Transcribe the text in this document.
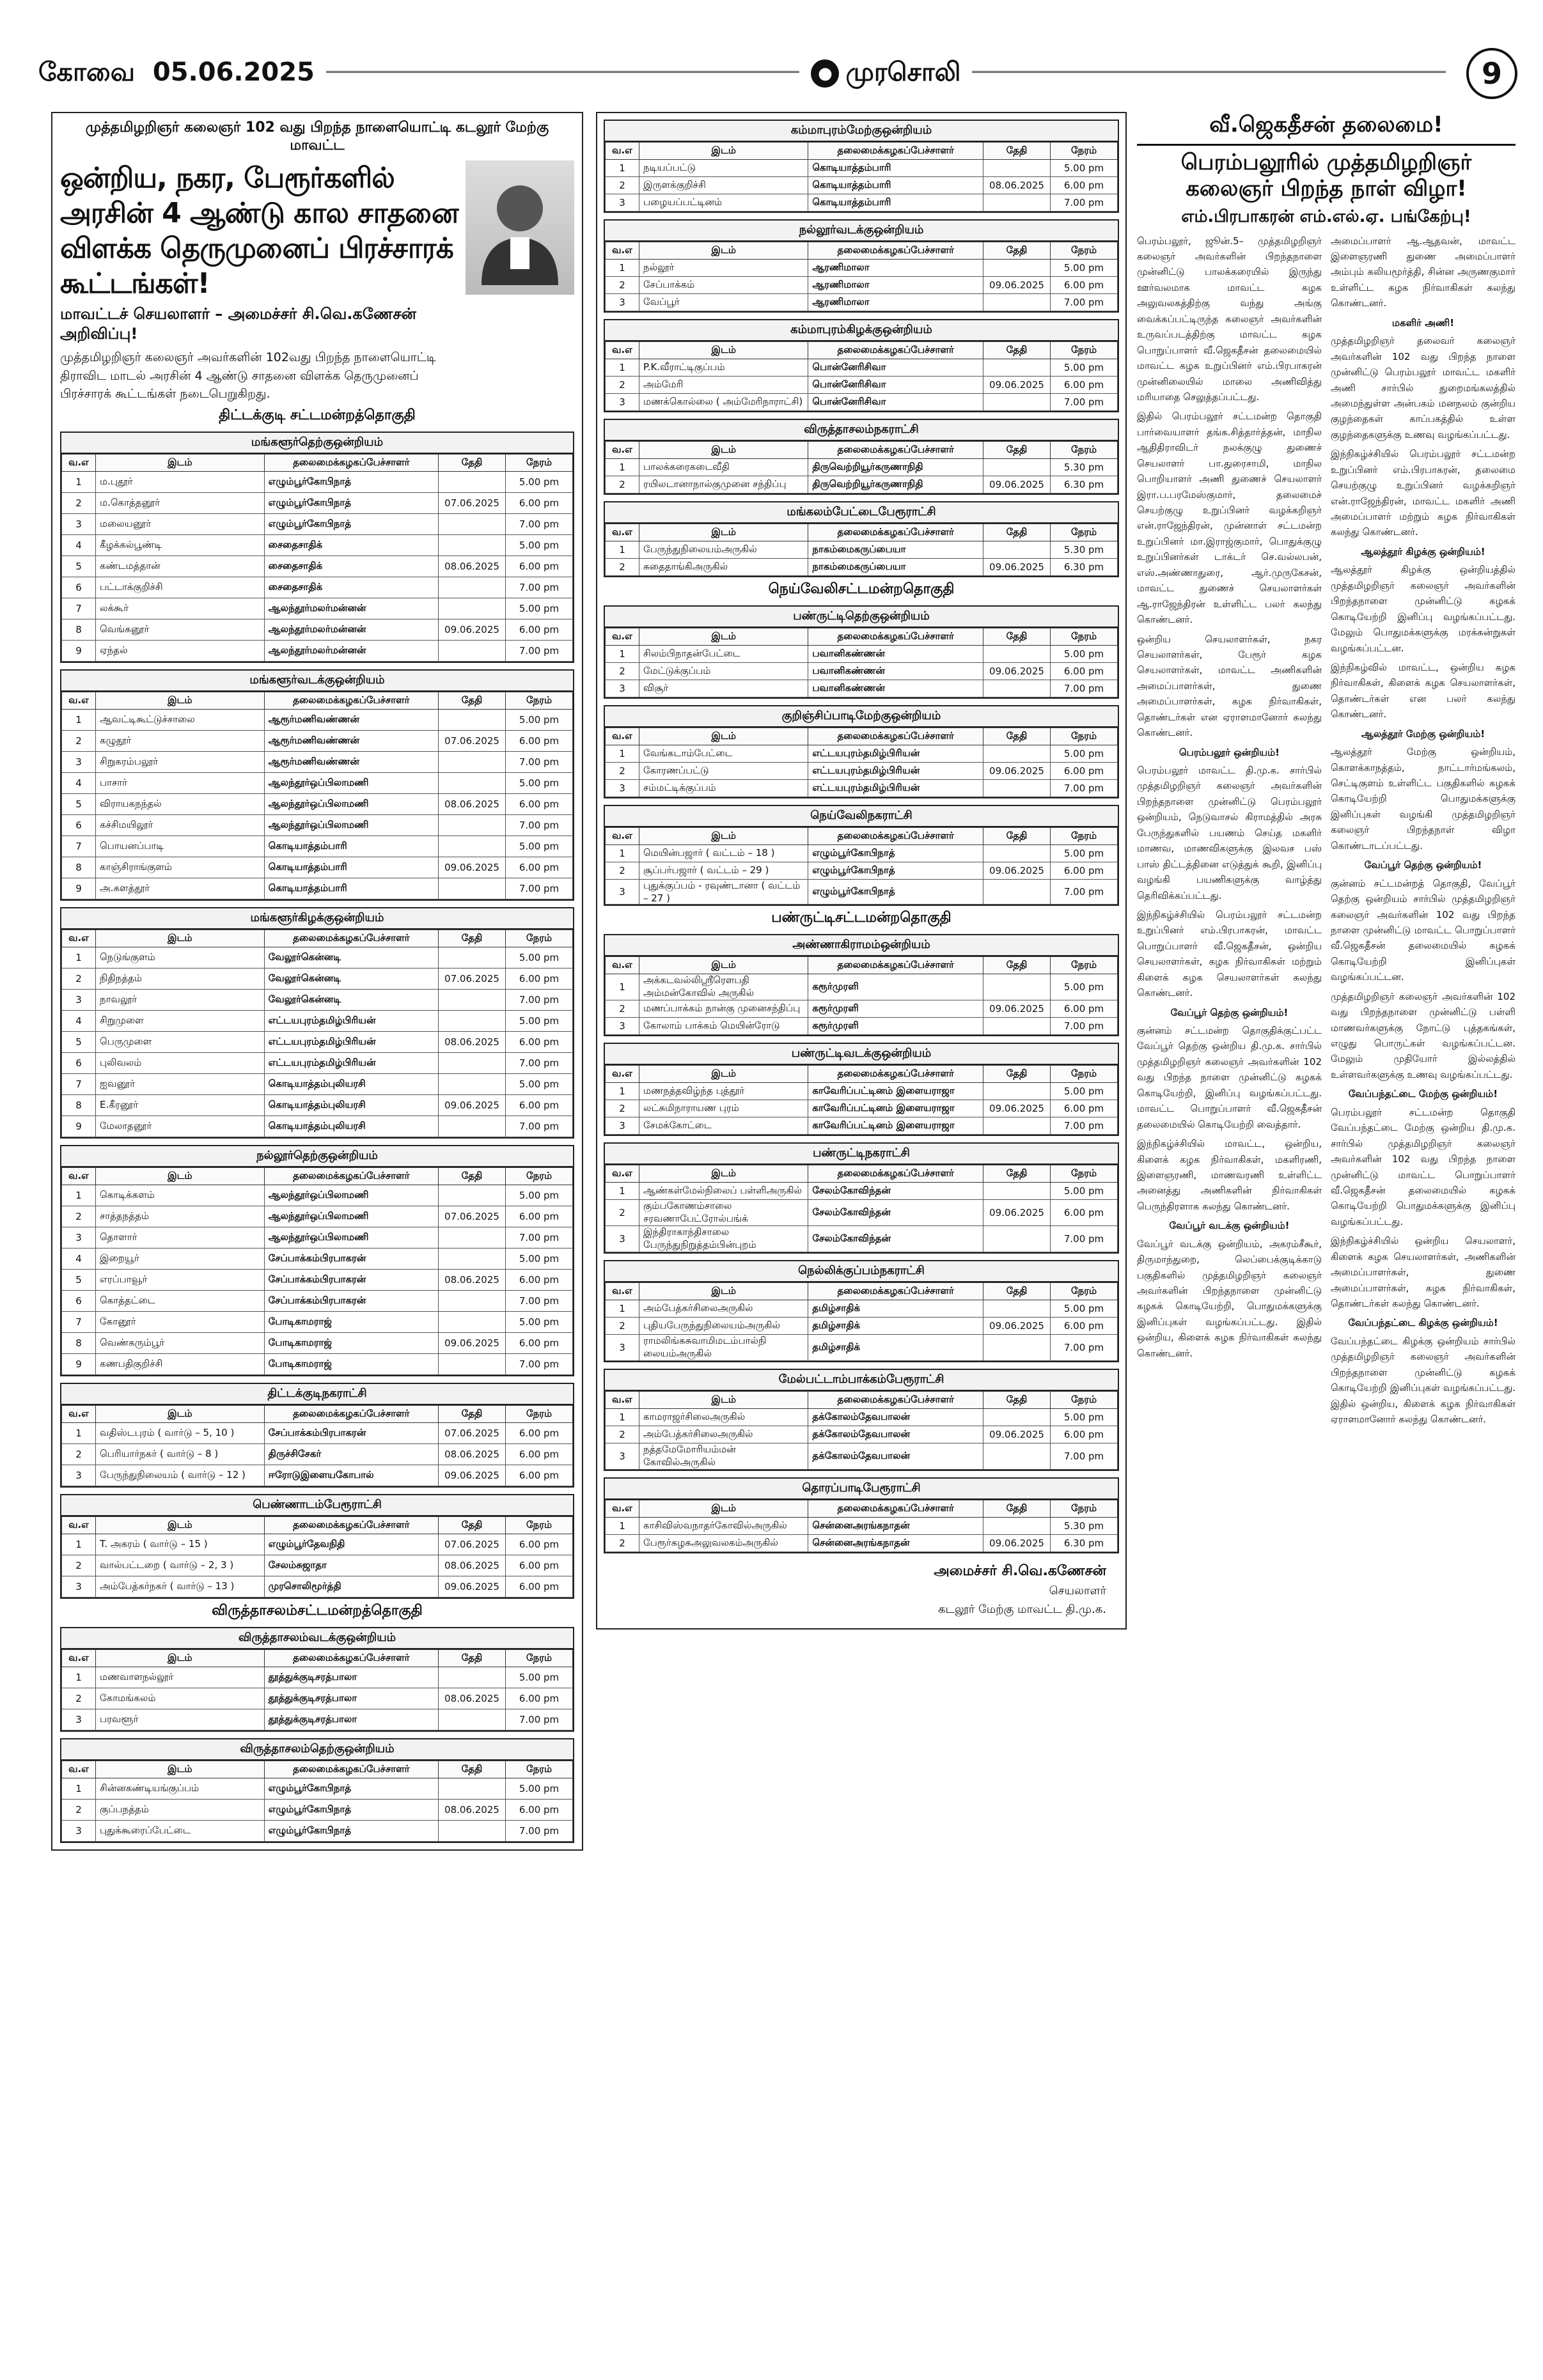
கோவை 05.06.2025	● முரசொலி	9
முத்தமிழறிஞர் கலைஞர் 102 வது பிறந்த நாளையொட்டி கடலூர் மேற்கு மாவட்ட
ஒன்றிய, நகர, பேரூர்களில் அரசின் 4 ஆண்டு கால சாதனை விளக்க தெருமுனைப் பிரச்சாரக் கூட்டங்கள்!
மாவட்டச் செயலாளர் – அமைச்சர் சி.வெ.கணேசன் அறிவிப்பு!
முத்தமிழறிஞர் கலைஞர் அவர்களின் 102வது பிறந்த நாளையொட்டி திராவிட மாடல் அரசின் 4 ஆண்டு சாதனை விளக்க தெருமுனைப் பிரச்சாரக் கூட்டங்கள் நடைபெறுகிறது.
திட்டக்குடி சட்டமன்றத்தொகுதி
மங்களூர்தெற்குஒன்றியம்
வ.எ	இடம்	தலைமைக்கழகப்பேச்சாளர்	தேதி	நேரம்
1	ம.புதூர்	எழும்பூர்கோபிநாத்		5.00 pm
2	ம.கொத்தனூர்	எழும்பூர்கோபிநாத்	07.06.2025	6.00 pm
3	மலையனூர்	எழும்பூர்கோபிநாத்		7.00 pm
4	கீழக்கல்பூண்டி	சைதைசாதிக்		5.00 pm
5	கண்டமத்தான்	சைதைசாதிக்	08.06.2025	6.00 pm
6	பட்டாக்குறிச்சி	சைதைசாதிக்		7.00 pm
7	லக்கூர்	ஆலந்தூர்மலர்மன்னன்		5.00 pm
8	வெங்கனூர்	ஆலந்தூர்மலர்மன்னன்	09.06.2025	6.00 pm
9	ஏந்தல்	ஆலந்தூர்மலர்மன்னன்		7.00 pm
மங்களூர்வடக்குஒன்றியம்
வ.எ	இடம்	தலைமைக்கழகப்பேச்சாளர்	தேதி	நேரம்
1	ஆவட்டிகூட்டுச்சாலை	ஆரூர்மணிவண்ணன்		5.00 pm
2	கழுதூர்	ஆரூர்மணிவண்ணன்	07.06.2025	6.00 pm
3	சிறுகரம்பலூர்	ஆரூர்மணிவண்ணன்		7.00 pm
4	பாசார்	ஆலந்தூர்ஒப்பிலாமணி		5.00 pm
5	விராயகநந்தல்	ஆலந்தூர்ஒப்பிலாமணி	08.06.2025	6.00 pm
6	கச்சிமயிலூர்	ஆலந்தூர்ஒப்பிலாமணி		7.00 pm
7	பொயனப்பாடி	கொடியாத்தம்பாரி		5.00 pm
8	காஞ்சிராங்குளம்	கொடியாத்தம்பாரி	09.06.2025	6.00 pm
9	அ.களத்தூர்	கொடியாத்தம்பாரி		7.00 pm
மங்களூர்கிழக்குஒன்றியம்
வ.எ	இடம்	தலைமைக்கழகப்பேச்சாளர்	தேதி	நேரம்
1	நெடுங்குளம்	வேலூர்கென்னடி		5.00 pm
2	நிதிநத்தம்	வேலூர்கென்னடி	07.06.2025	6.00 pm
3	நாவலூர்	வேலூர்கென்னடி		7.00 pm
4	சிறுமுளை	எட்டயபுரம்தமிழ்பிரியன்		5.00 pm
5	பெருமுளை	எட்டயபுரம்தமிழ்பிரியன்	08.06.2025	6.00 pm
6	புலிவலம்	எட்டயபுரம்தமிழ்பிரியன்		7.00 pm
7	ஐவனூர்	கொடியாத்தம்புலியரசி		5.00 pm
8	E.கீரனூர்	கொடியாத்தம்புலியரசி	09.06.2025	6.00 pm
9	மேலாதனூர்	கொடியாத்தம்புலியரசி		7.00 pm
நல்லூர்தெற்குஒன்றியம்
வ.எ	இடம்	தலைமைக்கழகப்பேச்சாளர்	தேதி	நேரம்
1	கொடிக்களம்	ஆலந்தூர்ஒப்பிலாமணி		5.00 pm
2	சாத்தநத்தம்	ஆலந்தூர்ஒப்பிலாமணி	07.06.2025	6.00 pm
3	தொளார்	ஆலந்தூர்ஒப்பிலாமணி		7.00 pm
4	இறையூர்	சேப்பாக்கம்பிரபாகரன்		5.00 pm
5	எரப்பாவூர்	சேப்பாக்கம்பிரபாகரன்	08.06.2025	6.00 pm
6	கொத்தட்டை	சேப்பாக்கம்பிரபாகரன்		7.00 pm
7	கோனூர்	போடிகாமராஜ்		5.00 pm
8	வெண்கரும்பூர்	போடிகாமராஜ்	09.06.2025	6.00 pm
9	கணபதிகுறிச்சி	போடிகாமராஜ்		7.00 pm
திட்டக்குடிநகராட்சி
வ.எ	இடம்	தலைமைக்கழகப்பேச்சாளர்	தேதி	நேரம்
1	வதிஸ்டபுரம் ( வார்டு – 5, 10 )	சேப்பாக்கம்பிரபாகரன்	07.06.2025	6.00 pm
2	பெரியார்நகர் ( வார்டு – 8 )	திருச்சிசேகர்	08.06.2025	6.00 pm
3	பேருந்துநிலையம் ( வார்டு – 12 )	ஈரோடுஇளையகோபால்	09.06.2025	6.00 pm
பெண்ணாடம்பேரூராட்சி
வ.எ	இடம்	தலைமைக்கழகப்பேச்சாளர்	தேதி	நேரம்
1	T. அகரம் ( வார்டு – 15 )	எழும்பூர்தேவநிதி	07.06.2025	6.00 pm
2	வால்பட்டறை ( வார்டு – 2, 3 )	சேலம்சுஜாதா	08.06.2025	6.00 pm
3	அம்பேத்கர்நகர் ( வார்டு – 13 )	முரசொலிமூர்த்தி	09.06.2025	6.00 pm
விருத்தாசலம்சட்டமன்றத்தொகுதி
விருத்தாசலம்வடக்குஒன்றியம்
வ.எ	இடம்	தலைமைக்கழகப்பேச்சாளர்	தேதி	நேரம்
1	மணவாளநல்லூர்	தூத்துக்குடிசரத்பாலா		5.00 pm
2	கோமங்கலம்	தூத்துக்குடிசரத்பாலா	08.06.2025	6.00 pm
3	பரவளூர்	தூத்துக்குடிசரத்பாலா		7.00 pm
விருத்தாசலம்தெற்குஒன்றியம்
வ.எ	இடம்	தலைமைக்கழகப்பேச்சாளர்	தேதி	நேரம்
1	சின்னகண்டியங்குப்பம்	எழும்பூர்கோபிநாத்		5.00 pm
2	குப்பநத்தம்	எழும்பூர்கோபிநாத்	08.06.2025	6.00 pm
3	புதுக்கூரைப்பேட்டை	எழும்பூர்கோபிநாத்		7.00 pm
கம்மாபுரம்மேற்குஒன்றியம்
வ.எ	இடம்	தலைமைக்கழகப்பேச்சாளர்	தேதி	நேரம்
1	நடியப்பட்டு	கொடியாத்தம்பாரி		5.00 pm
2	இருளக்குறிச்சி	கொடியாத்தம்பாரி	08.06.2025	6.00 pm
3	பழையப்பட்டினம்	கொடியாத்தம்பாரி		7.00 pm
நல்லூர்வடக்குஒன்றியம்
வ.எ	இடம்	தலைமைக்கழகப்பேச்சாளர்	தேதி	நேரம்
1	நல்லூர்	ஆரணிமாலா		5.00 pm
2	சேப்பாக்கம்	ஆரணிமாலா	09.06.2025	6.00 pm
3	வேப்பூர்	ஆரணிமாலா		7.00 pm
கம்மாபுரம்கிழக்குஒன்றியம்
வ.எ	இடம்	தலைமைக்கழகப்பேச்சாளர்	தேதி	நேரம்
1	P.K.வீராட்டிகுப்பம்	பொன்னேரிசிவா		5.00 pm
2	அம்மேரி	பொன்னேரிசிவா	09.06.2025	6.00 pm
3	மணக்கொல்லை ( அம்மேரிநாராட்சி)	பொன்னேரிசிவா		7.00 pm
விருத்தாசலம்நகராட்சி
வ.எ	இடம்	தலைமைக்கழகப்பேச்சாளர்	தேதி	நேரம்
1	பாலக்கரைகடைவீதி	திருவெற்றியூர்கருணாநிதி		5.30 pm
2	ரயிலடானாநால்குமுனை சந்திப்பு	திருவெற்றியூர்கருணாநிதி	09.06.2025	6.30 pm
மங்கலம்பேட்டைபேரூராட்சி
வ.எ	இடம்	தலைமைக்கழகப்பேச்சாளர்	தேதி	நேரம்
1	பேருந்துநிலையம்அருகில்	நாகம்மைகருப்பையா		5.30 pm
2	சுதைதாங்கிஅருகில்	நாகம்மைகருப்பையா	09.06.2025	6.30 pm
நெய்வேலிசட்டமன்றதொகுதி
பண்ருட்டிதெற்குஒன்றியம்
வ.எ	இடம்	தலைமைக்கழகப்பேச்சாளர்	தேதி	நேரம்
1	சிலம்பிநாதன்பேட்டை	பவானிகண்ணன்		5.00 pm
2	மேட்டுக்குப்பம்	பவானிகண்ணன்	09.06.2025	6.00 pm
3	விசூர்	பவானிகண்ணன்		7.00 pm
குறிஞ்சிப்பாடிமேற்குஒன்றியம்
வ.எ	இடம்	தலைமைக்கழகப்பேச்சாளர்	தேதி	நேரம்
1	வேங்கடாம்பேட்டை	எட்டயபுரம்தமிழ்பிரியன்		5.00 pm
2	கோரணப்பட்டு	எட்டயபுரம்தமிழ்பிரியன்	09.06.2025	6.00 pm
3	சம்மட்டிக்குப்பம்	எட்டயபுரம்தமிழ்பிரியன்		7.00 pm
நெய்வேலிநகராட்சி
வ.எ	இடம்	தலைமைக்கழகப்பேச்சாளர்	தேதி	நேரம்
1	மெயின்பஜார் ( வட்டம் – 18 )	எழும்பூர்கோபிநாத்		5.00 pm
2	சூப்பர்பஜார் ( வட்டம் – 29 )	எழும்பூர்கோபிநாத்	09.06.2025	6.00 pm
3	புதுக்குப்பம் - ரவுண்டானா ( வட்டம் – 27 )	எழும்பூர்கோபிநாத்		7.00 pm
பண்ருட்டிசட்டமன்றதொகுதி
அண்ணாகிராமம்ஒன்றியம்
வ.எ	இடம்	தலைமைக்கழகப்பேச்சாளர்	தேதி	நேரம்
1	அக்கடவல்லிஸ்ரீரெளபதி அம்மன்கோவில் அருகில்	கரூர்முரளி		5.00 pm
2	மணப்பாக்கம் நான்கு முனைசந்திப்பு	கரூர்முரளி	09.06.2025	6.00 pm
3	கோலாம் பாக்கம் மெயின்ரோடு	கரூர்முரளி		7.00 pm
பண்ருட்டிவடக்குஒன்றியம்
வ.எ	இடம்	தலைமைக்கழகப்பேச்சாளர்	தேதி	நேரம்
1	மணநத்தவிழ்ந்த புத்தூர்	காவேரிப்பட்டினம் இளையராஜா		5.00 pm
2	லட்சுமிநாராயண புரம்	காவேரிப்பட்டினம் இளையராஜா	09.06.2025	6.00 pm
3	சேமக்கோட்டை	காவேரிப்பட்டினம் இளையராஜா		7.00 pm
பண்ருட்டிநகராட்சி
வ.எ	இடம்	தலைமைக்கழகப்பேச்சாளர்	தேதி	நேரம்
1	ஆண்கள்மேல்நிலைப் பள்ளிஅருகில்	சேலம்கோவிந்தன்		5.00 pm
2	கும்பகோணம்சாலை சரவணாபேட்ரோல்பங்க்	சேலம்கோவிந்தன்	09.06.2025	6.00 pm
3	இந்திராகாந்திசாலை பேருந்துநிறுத்தம்பின்புறம்	சேலம்கோவிந்தன்		7.00 pm
நெல்லிக்குப்பம்நகராட்சி
வ.எ	இடம்	தலைமைக்கழகப்பேச்சாளர்	தேதி	நேரம்
1	அம்பேத்கர்சிலைஅருகில்	தமிழ்சாதிக்		5.00 pm
2	புதியபேருந்துநிலையம்அருகில்	தமிழ்சாதிக்	09.06.2025	6.00 pm
3	ராமலிங்கசுவாமிமடம்பால்நி லையம்அருகில்	தமிழ்சாதிக்		7.00 pm
மேல்பட்டாம்பாக்கம்பேரூராட்சி
வ.எ	இடம்	தலைமைக்கழகப்பேச்சாளர்	தேதி	நேரம்
1	காமராஜர்சிலைஅருகில்	தக்கோலம்தேவபாலன்		5.00 pm
2	அம்பேத்கர்சிலைஅருகில்	தக்கோலம்தேவபாலன்	09.06.2025	6.00 pm
3	நத்தமேமோரியம்மன் கோவில்அருகில்	தக்கோலம்தேவபாலன்		7.00 pm
தொரப்பாடிபேரூராட்சி
வ.எ	இடம்	தலைமைக்கழகப்பேச்சாளர்	தேதி	நேரம்
1	காசிவிஸ்வநாதர்கோவில்அருகில்	சென்னைஅரங்கநாதன்		5.30 pm
2	பேரூர்கழகஅலுவலகம்அருகில்	சென்னைஅரங்கநாதன்	09.06.2025	6.30 pm
அமைச்சர் சி.வெ.கணேசன்
செயலாளர்
கடலூர் மேற்கு மாவட்ட தி.மு.க.
வீ.ஜெகதீசன் தலைமை!
பெரம்பலூரில் முத்தமிழறிஞர் கலைஞர் பிறந்த நாள் விழா!
எம்.பிரபாகரன் எம்.எல்.ஏ. பங்கேற்பு!

பெரம்பலூர், ஜூன்.5– முத்தமிழறிஞர் கலைஞர் அவர்களின் பிறந்தநாளை முன்னிட்டு பாலக்கரையில் இருந்து ஊர்வலமாக மாவட்ட கழக அலுவலகத்திற்கு வந்து அங்கு வைக்கப்பட்டிருந்த கலைஞர் அவர்களின் உருவப்படத்திற்கு மாவட்ட கழக பொறுப்பாளர் வீ.ஜெகதீசன் தலைமையில் மாவட்ட கழக உறுப்பினர் எம்.பிரபாகரன் முன்னிலையில் மாலை அணிவித்து மரியாதை செலுத்தப்பட்டது.

இதில் பெரம்பலூர் சட்டமன்ற தொகுதி பார்வையாளர் தங்க.சித்தார்த்தன், மாநில ஆதிதிராவிடர் நலக்குழு துணைச் செயலாளர் பா.துரைசாமி, மாநில பொறியாளர் அணி துணைச் செயலாளர் இரா.ப.பரமேஸ்குமார், தலைமைச் செயற்குழு உறுப்பினர் வழக்கறிஞர் என்.ராஜேந்திரன், முன்னாள் சட்டமன்ற உறுப்பினர் மா.இராஜ்குமார், பொதுக்குழு உறுப்பினர்கள் டாக்டர் செ.வல்லபன், எஸ்.அண்ணாதுரை, ஆர்.முருகேசன், மாவட்ட துணைச் செயலாளர்கள் ஆ.ராஜேந்திரன் உள்ளிட்ட பலர் கலந்து கொண்டனர்.

ஒன்றிய செயலாளர்கள், நகர செயலாளர்கள், பேரூர் கழக செயலாளர்கள், மாவட்ட அணிகளின் அமைப்பாளர்கள், துணை அமைப்பாளர்கள், கழக நிர்வாகிகள், தொண்டர்கள் என ஏராளமானோர் கலந்து கொண்டனர்.

பெரம்பலூர் ஒன்றியம்!

பெரம்பலூர் மாவட்ட தி.மு.க. சார்பில் முத்தமிழறிஞர் கலைஞர் அவர்களின் பிறந்தநாளை முன்னிட்டு பெரம்பலூர் ஒன்றியம், நெடுவாசல் கிராமத்தில் அரசு பேருந்துகளில் பயணம் செய்த மகளிர் மாணவ, மாணவிகளுக்கு இலவச பஸ் பாஸ் திட்டத்தினை எடுத்துக் கூறி, இனிப்பு வழங்கி பயணிகளுக்கு வாழ்த்து தெரிவிக்கப்பட்டது.

இந்நிகழ்ச்சியில் பெரம்பலூர் சட்டமன்ற உறுப்பினர் எம்.பிரபாகரன், மாவட்ட பொறுப்பாளர் வீ.ஜெகதீசன், ஒன்றிய செயலாளர்கள், கழக நிர்வாகிகள் மற்றும் கிளைக் கழக செயலாளர்கள் கலந்து கொண்டனர்.

வேப்பூர் தெற்கு ஒன்றியம்!

குன்னம் சட்டமன்ற தொகுதிக்குட்பட்ட வேப்பூர் தெற்கு ஒன்றிய தி.மு.க. சார்பில் முத்தமிழறிஞர் கலைஞர் அவர்களின் 102 வது பிறந்த நாளை முன்னிட்டு கழகக் கொடியேற்றி, இனிப்பு வழங்கப்பட்டது. மாவட்ட பொறுப்பாளர் வீ.ஜெகதீசன் தலைமையில் கொடியேற்றி வைத்தார்.

இந்நிகழ்ச்சியில் மாவட்ட, ஒன்றிய, கிளைக் கழக நிர்வாகிகள், மகளிரணி, இளைஞரணி, மாணவரணி உள்ளிட்ட அனைத்து அணிகளின் நிர்வாகிகள் பெருந்திரளாக கலந்து கொண்டனர்.

வேப்பூர் வடக்கு ஒன்றியம்!

வேப்பூர் வடக்கு ஒன்றியம், அகரம்சீகூர், திருமாந்துறை, லெப்பைக்குடிக்காடு பகுதிகளில் முத்தமிழறிஞர் கலைஞர் அவர்களின் பிறந்தநாளை முன்னிட்டு கழகக் கொடியேற்றி, பொதுமக்களுக்கு இனிப்புகள் வழங்கப்பட்டது. இதில் ஒன்றிய, கிளைக் கழக நிர்வாகிகள் கலந்து கொண்டனர்.

அமைப்பாளர் ஆ.ஆதவன், மாவட்ட இளைஞரணி துணை அமைப்பாளர் அம்பும் கலியமூர்த்தி, சின்ன அருணகுமார் உள்ளிட்ட கழக நிர்வாகிகள் கலந்து கொண்டனர்.

மகளிர் அணி!

முத்தமிழறிஞர் தலைவர் கலைஞர் அவர்களின் 102 வது பிறந்த நாளை முன்னிட்டு பெரம்பலூர் மாவட்ட மகளிர் அணி சார்பில் துறைமங்கலத்தில் அமைந்துள்ள அன்பகம் மனநலம் குன்றிய குழந்தைகள் காப்பகத்தில் உள்ள குழந்தைகளுக்கு உணவு வழங்கப்பட்டது.

இந்நிகழ்ச்சியில் பெரம்பலூர் சட்டமன்ற உறுப்பினர் எம்.பிரபாகரன், தலைமை செயற்குழு உறுப்பினர் வழக்கறிஞர் என்.ராஜேந்திரன், மாவட்ட மகளிர் அணி அமைப்பாளர் மற்றும் கழக நிர்வாகிகள் கலந்து கொண்டனர்.

ஆலத்தூர் கிழக்கு ஒன்றியம்!

ஆலத்தூர் கிழக்கு ஒன்றியத்தில் முத்தமிழறிஞர் கலைஞர் அவர்களின் பிறந்தநாளை முன்னிட்டு கழகக் கொடியேற்றி இனிப்பு வழங்கப்பட்டது. மேலும் பொதுமக்களுக்கு மரக்கன்றுகள் வழங்கப்பட்டன.

இந்நிகழ்வில் மாவட்ட, ஒன்றிய கழக நிர்வாகிகள், கிளைக் கழக செயலாளர்கள், தொண்டர்கள் என பலர் கலந்து கொண்டனர்.

ஆலத்தூர் மேற்கு ஒன்றியம்!

ஆலத்தூர் மேற்கு ஒன்றியம், கொளக்காநத்தம், நாட்டார்மங்கலம், செட்டிகுளம் உள்ளிட்ட பகுதிகளில் கழகக் கொடியேற்றி பொதுமக்களுக்கு இனிப்புகள் வழங்கி முத்தமிழறிஞர் கலைஞர் பிறந்தநாள் விழா கொண்டாடப்பட்டது.

வேப்பூர் தெற்கு ஒன்றியம்!

குன்னம் சட்டமன்றத் தொகுதி, வேப்பூர் தெற்கு ஒன்றியம் சார்பில் முத்தமிழறிஞர் கலைஞர் அவர்களின் 102 வது பிறந்த நாளை முன்னிட்டு மாவட்ட பொறுப்பாளர் வீ.ஜெகதீசன் தலைமையில் கழகக் கொடியேற்றி இனிப்புகள் வழங்கப்பட்டன.

முத்தமிழறிஞர் கலைஞர் அவர்களின் 102 வது பிறந்தநாளை முன்னிட்டு பள்ளி மாணவர்களுக்கு நோட்டு புத்தகங்கள், எழுது பொருட்கள் வழங்கப்பட்டன. மேலும் முதியோர் இல்லத்தில் உள்ளவர்களுக்கு உணவு வழங்கப்பட்டது.

வேப்பந்தட்டை மேற்கு ஒன்றியம்!

பெரம்பலூர் சட்டமன்ற தொகுதி வேப்பந்தட்டை மேற்கு ஒன்றிய தி.மு.க. சார்பில் முத்தமிழறிஞர் கலைஞர் அவர்களின் 102 வது பிறந்த நாளை முன்னிட்டு மாவட்ட பொறுப்பாளர் வீ.ஜெகதீசன் தலைமையில் கழகக் கொடியேற்றி பொதுமக்களுக்கு இனிப்பு வழங்கப்பட்டது.

இந்நிகழ்ச்சியில் ஒன்றிய செயலாளர், கிளைக் கழக செயலாளர்கள், அணிகளின் அமைப்பாளர்கள், துணை அமைப்பாளர்கள், கழக நிர்வாகிகள், தொண்டர்கள் கலந்து கொண்டனர்.

வேப்பந்தட்டை கிழக்கு ஒன்றியம்!

வேப்பந்தட்டை கிழக்கு ஒன்றியம் சார்பில் முத்தமிழறிஞர் கலைஞர் அவர்களின் பிறந்தநாளை முன்னிட்டு கழகக் கொடியேற்றி இனிப்புகள் வழங்கப்பட்டது. இதில் ஒன்றிய, கிளைக் கழக நிர்வாகிகள் ஏராளமானோர் கலந்து கொண்டனர்.
